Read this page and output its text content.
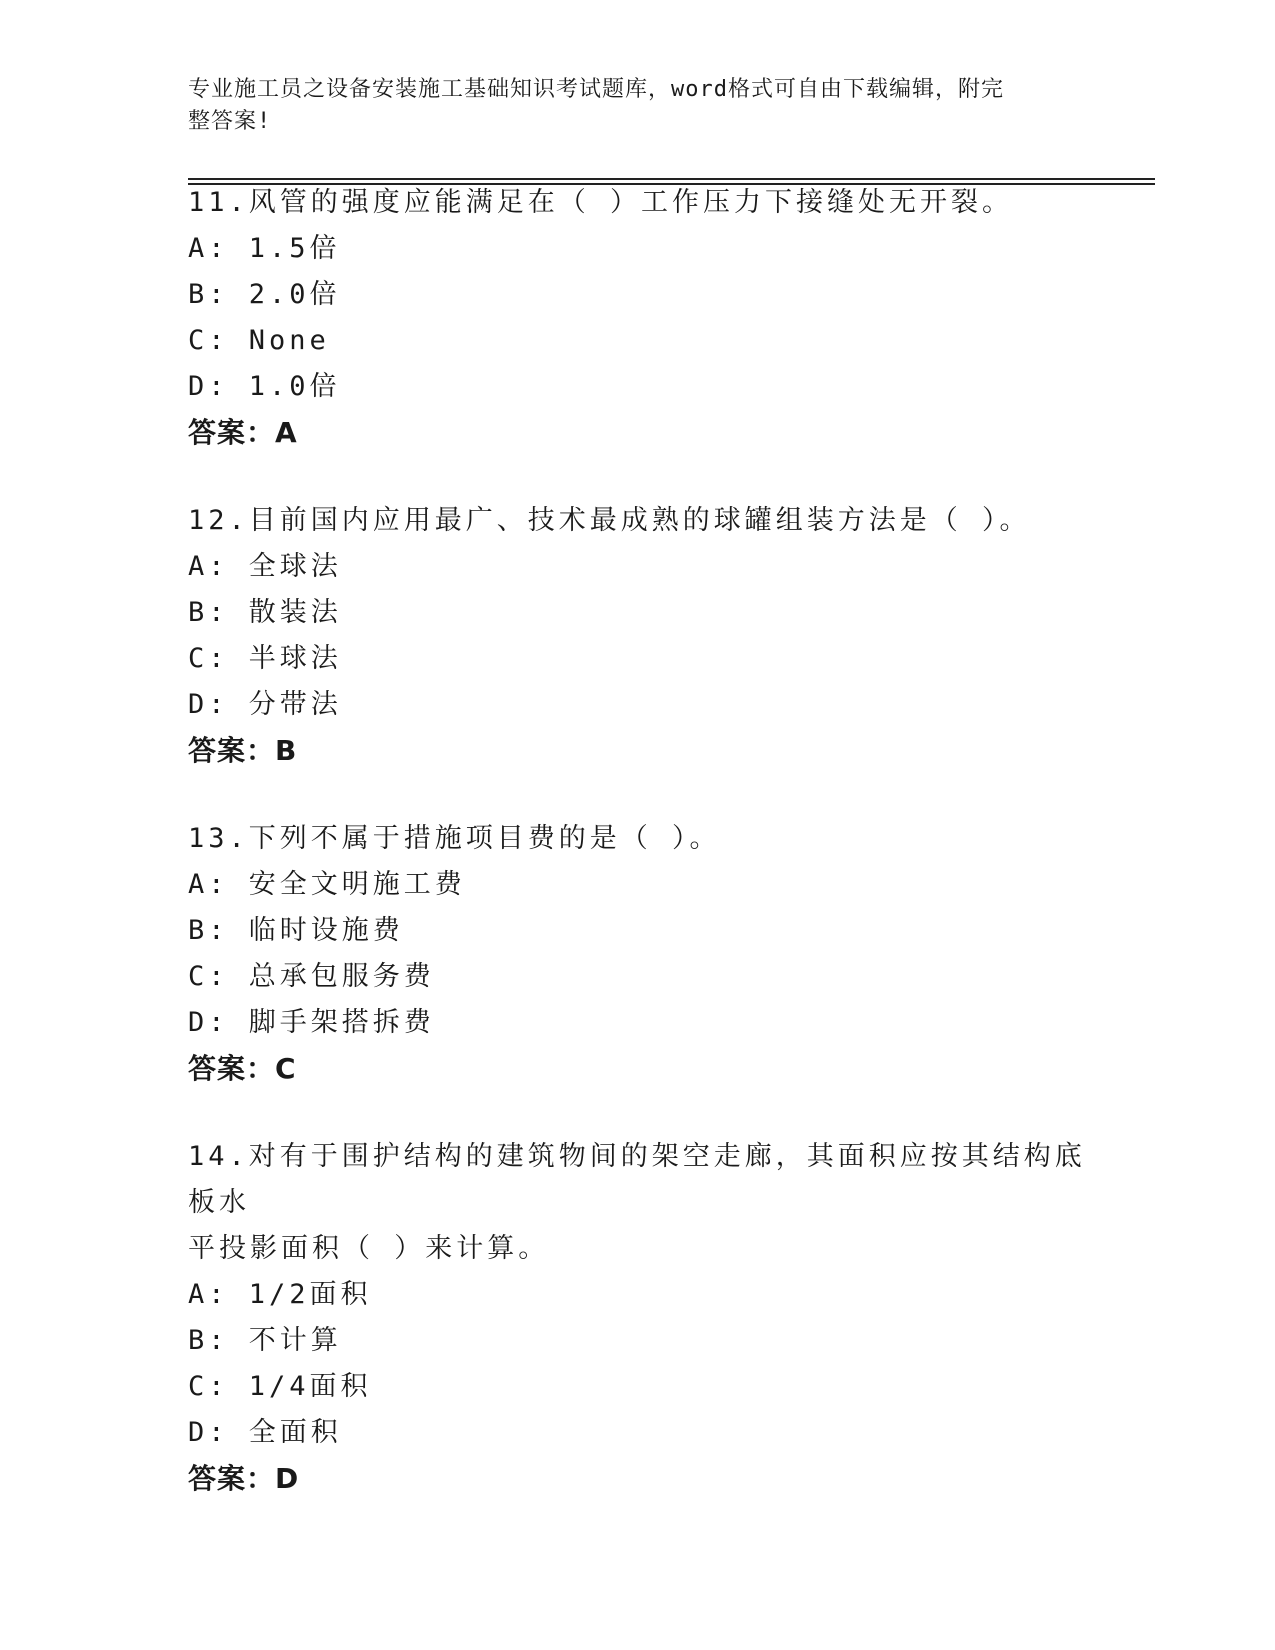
专业施工员之设备安装施工基础知识考试题库，word格式可自由下载编辑，附完
整答案!
11.风管的强度应能满足在（ ）工作压力下接缝处无开裂。
A: 1.5倍
B: 2.0倍
C: None
D: 1.0倍
答案：A
12.目前国内应用最广、技术最成熟的球罐组装方法是（ ）。
A: 全球法
B: 散装法
C: 半球法
D: 分带法
答案：B
13.下列不属于措施项目费的是（ ）。
A: 安全文明施工费
B: 临时设施费
C: 总承包服务费
D: 脚手架搭拆费
答案：C
14.对有于围护结构的建筑物间的架空走廊，其面积应按其结构底板水
平投影面积（ ）来计算。
A: 1/2面积
B: 不计算
C: 1/4面积
D: 全面积
答案：D
